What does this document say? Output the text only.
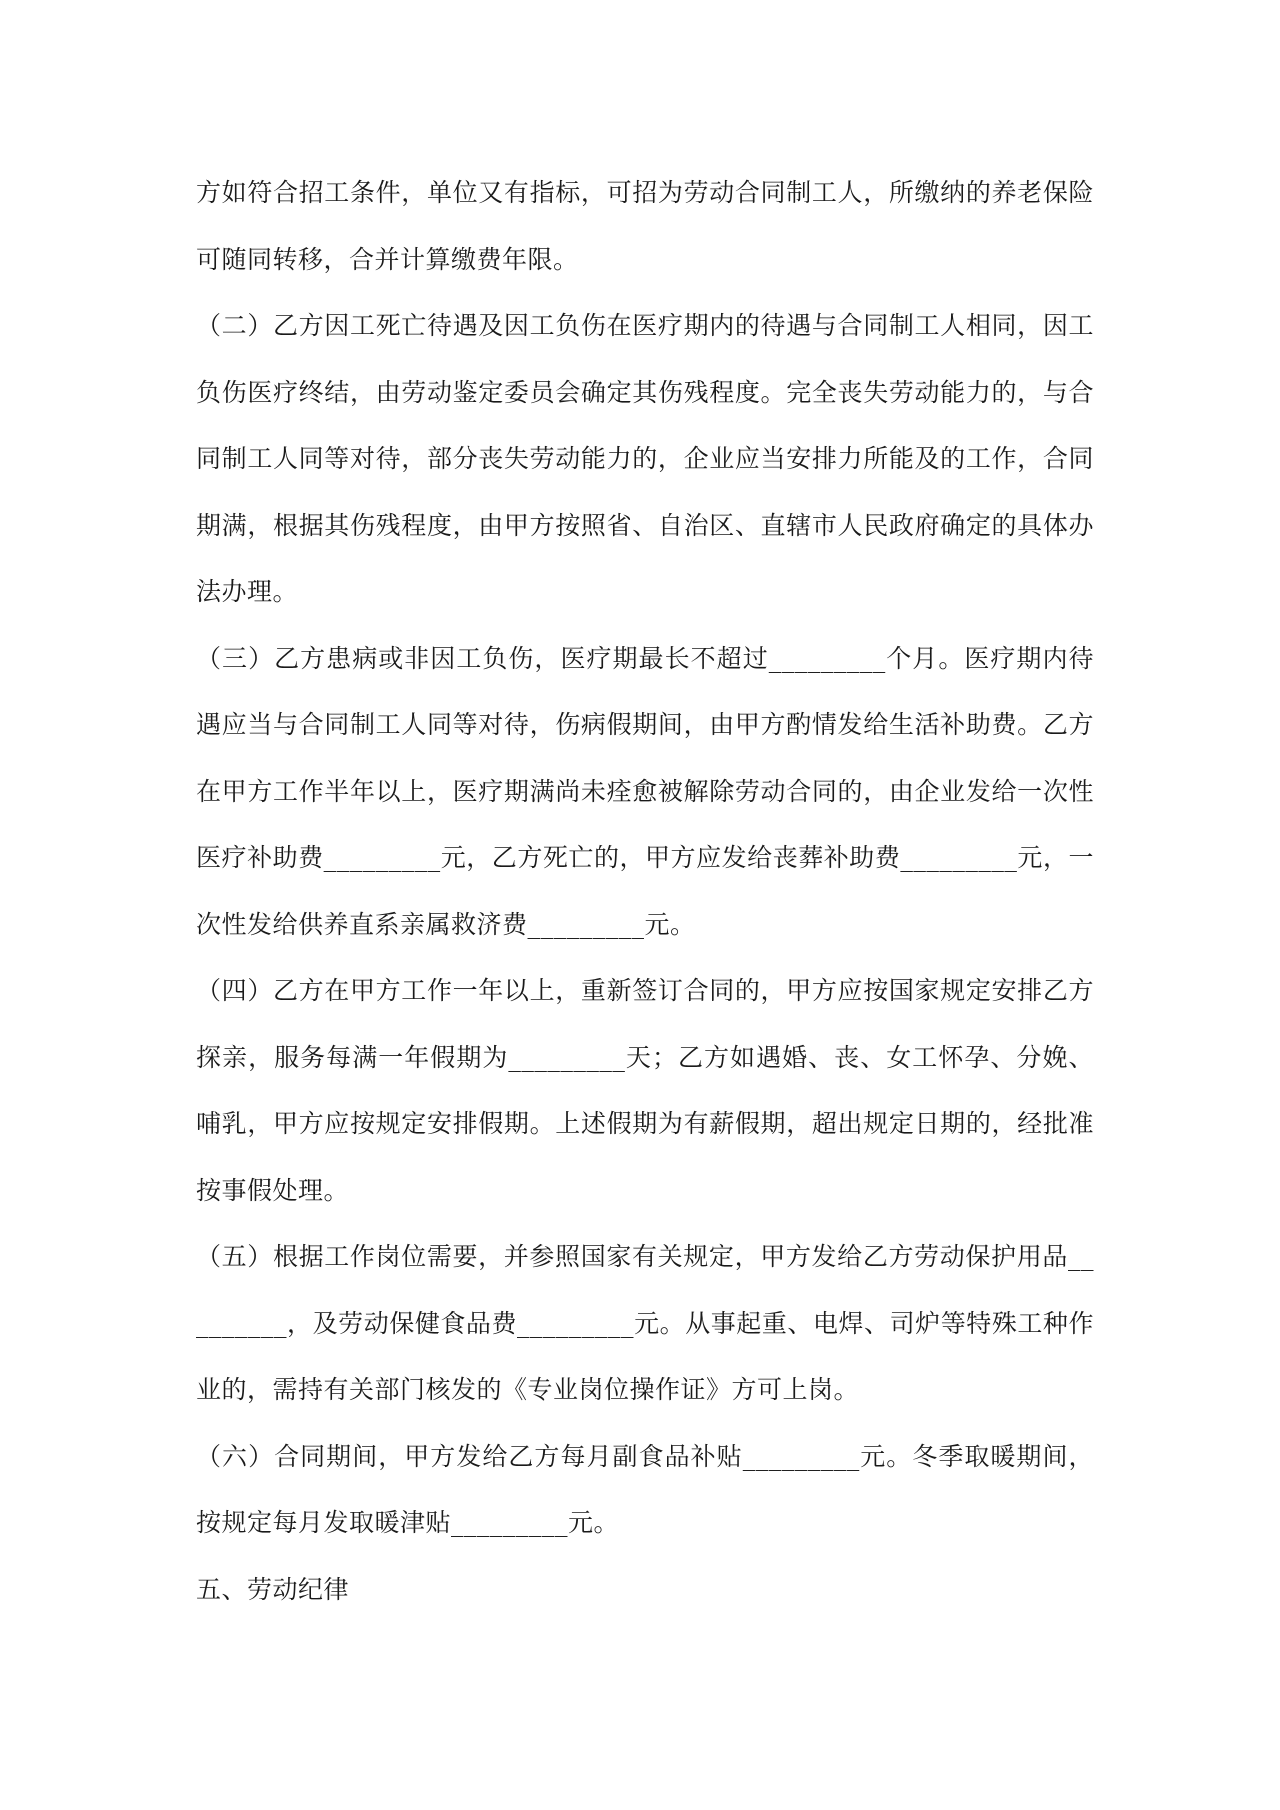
方如符合招工条件，单位又有指标，可招为劳动合同制工人，所缴纳的养老保险可随同转移，合并计算缴费年限。

（二）乙方因工死亡待遇及因工负伤在医疗期内的待遇与合同制工人相同，因工负伤医疗终结，由劳动鉴定委员会确定其伤残程度。完全丧失劳动能力的，与合同制工人同等对待，部分丧失劳动能力的，企业应当安排力所能及的工作，合同期满，根据其伤残程度，由甲方按照省、自治区、直辖市人民政府确定的具体办法办理。

（三）乙方患病或非因工负伤，医疗期最长不超过_________个月。医疗期内待遇应当与合同制工人同等对待，伤病假期间，由甲方酌情发给生活补助费。乙方在甲方工作半年以上，医疗期满尚未痊愈被解除劳动合同的，由企业发给一次性医疗补助费_________元，乙方死亡的，甲方应发给丧葬补助费_________元，一次性发给供养直系亲属救济费_________元。

（四）乙方在甲方工作一年以上，重新签订合同的，甲方应按国家规定安排乙方探亲，服务每满一年假期为_________天；乙方如遇婚、丧、女工怀孕、分娩、哺乳，甲方应按规定安排假期。上述假期为有薪假期，超出规定日期的，经批准按事假处理。

（五）根据工作岗位需要，并参照国家有关规定，甲方发给乙方劳动保护用品_________，及劳动保健食品费_________元。从事起重、电焊、司炉等特殊工种作业的，需持有关部门核发的《专业岗位操作证》方可上岗。

（六）合同期间，甲方发给乙方每月副食品补贴_________元。冬季取暖期间，按规定每月发取暖津贴_________元。

五、劳动纪律
